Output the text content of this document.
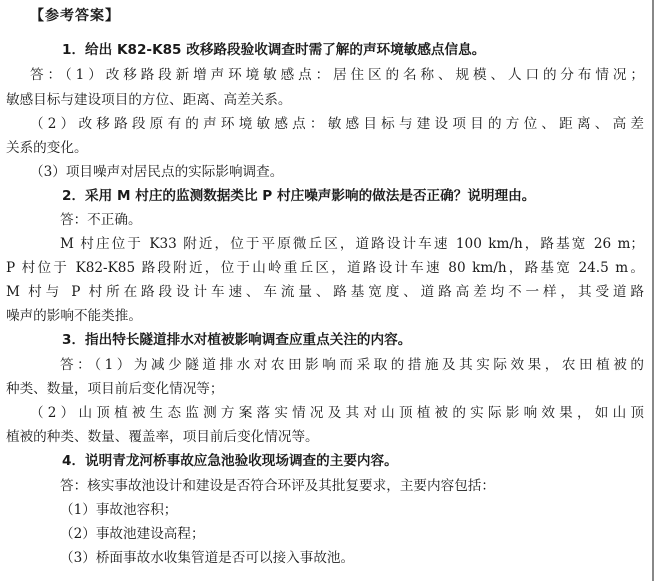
【参考答案】
1．给出 K82-K85 改移路段验收调查时需了解的声环境敏感点信息。
答：（1）改移路段新增声环境敏感点：居住区的名称、规模、人口的分布情况；
敏感目标与建设项目的方位、距离、高差关系。
（2）改移路段原有的声环境敏感点：敏感目标与建设项目的方位、距离、高差
关系的变化。
（3）项目噪声对居民点的实际影响调查。
2．采用 M 村庄的监测数据类比 P 村庄噪声影响的做法是否正确？说明理由。
答：不正确。
M 村庄位于 K33 附近，位于平原微丘区，道路设计车速 100 km/h，路基宽 26 m；
P 村位于 K82-K85 路段附近，位于山岭重丘区，道路设计车速 80 km/h，路基宽 24.5 m。
M 村与 P 村所在路段设计车速、车流量、路基宽度、道路高差均不一样，其受道路
噪声的影响不能类推。
3．指出特长隧道排水对植被影响调查应重点关注的内容。
答：（1）为减少隧道排水对农田影响而采取的措施及其实际效果，农田植被的
种类、数量，项目前后变化情况等；
（2）山顶植被生态监测方案落实情况及其对山顶植被的实际影响效果，如山顶
植被的种类、数量、覆盖率，项目前后变化情况等。
4．说明青龙河桥事故应急池验收现场调查的主要内容。
答：核实事故池设计和建设是否符合环评及其批复要求，主要内容包括：
（1）事故池容积；
（2）事故池建设高程；
（3）桥面事故水收集管道是否可以接入事故池。
